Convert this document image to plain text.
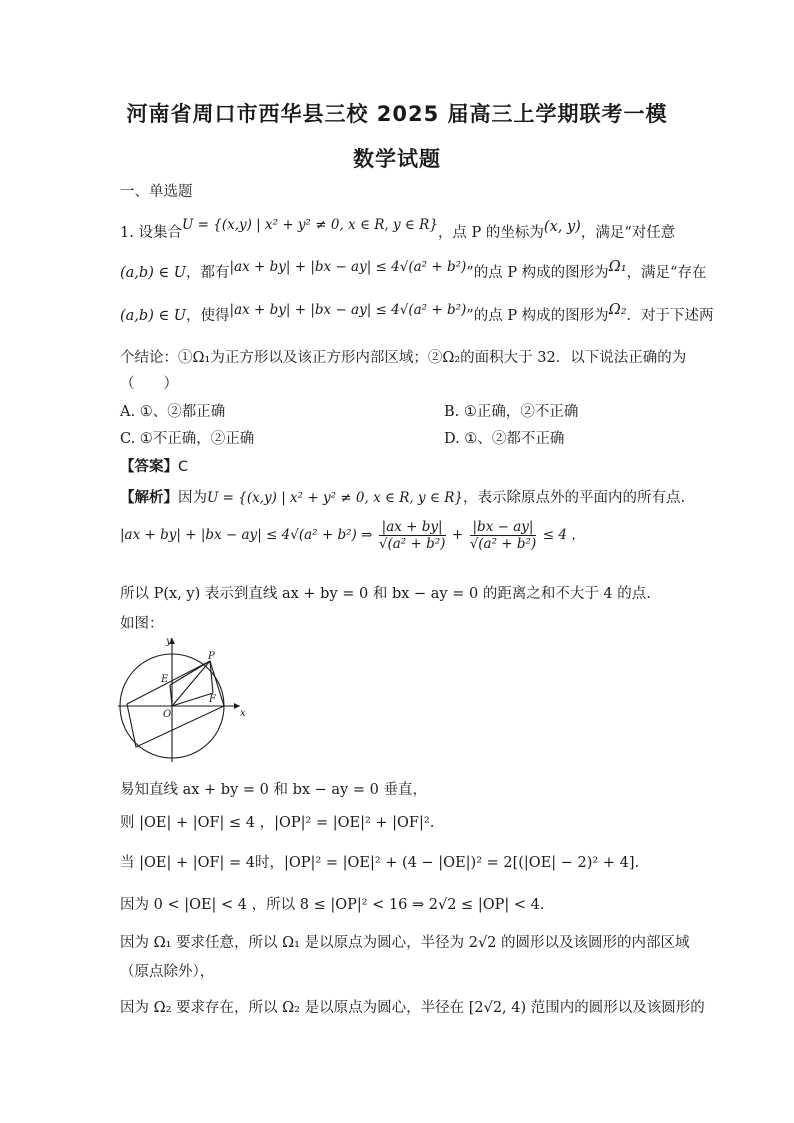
河南省周口市西华县三校 2025 届高三上学期联考一模
数学试题
一、单选题
1. 设集合U = {(x,y) | x² + y² ≠ 0, x ∈ R, y ∈ R}，点 P 的坐标为(x, y)，满足“对任意
(a,b) ∈ U，都有|ax + by| + |bx − ay| ≤ 4√(a² + b²)”的点 P 构成的图形为Ω₁，满足“存在
(a,b) ∈ U，使得|ax + by| + |bx − ay| ≤ 4√(a² + b²)”的点 P 构成的图形为Ω₂．对于下述两
个结论：①Ω₁为正方形以及该正方形内部区域；②Ω₂的面积大于 32．以下说法正确的为
（　　）
A. ①、②都正确	B. ①正确，②不正确
C. ①不正确，②正确	D. ①、②都不正确
【答案】C
【解析】因为U = {(x,y) | x² + y² ≠ 0, x ∈ R, y ∈ R}，表示除原点外的平面内的所有点.
|ax + by| + |bx − ay| ≤ 4√(a² + b²) ⇒ $\frac{|ax + by|}{\text{√(a² + b²)}} + \frac{|bx - ay|}{\text{√(a² + b²)}} \le 4$ ，
所以 P(x, y) 表示到直线 ax + by = 0 和 bx − ay = 0 的距离之和不大于 4 的点.
如图：
y
x
O
P
E
F
易知直线 ax + by = 0 和 bx − ay = 0 垂直，
则 |OE| + |OF| ≤ 4 ，|OP|² = |OE|² + |OF|².
当 |OE| + |OF| = 4时，|OP|² = |OE|² + (4 − |OE|)² = 2[(|OE| − 2)² + 4].
因为 0 < |OE| < 4 ，所以 8 ≤ |OP|² < 16 ⇒ 2√2 ≤ |OP| < 4.
因为 Ω₁ 要求任意，所以 Ω₁ 是以原点为圆心，半径为 2√2 的圆形以及该圆形的内部区域
（原点除外），
因为 Ω₂ 要求存在，所以 Ω₂ 是以原点为圆心，半径在 [2√2, 4) 范围内的圆形以及该圆形的
